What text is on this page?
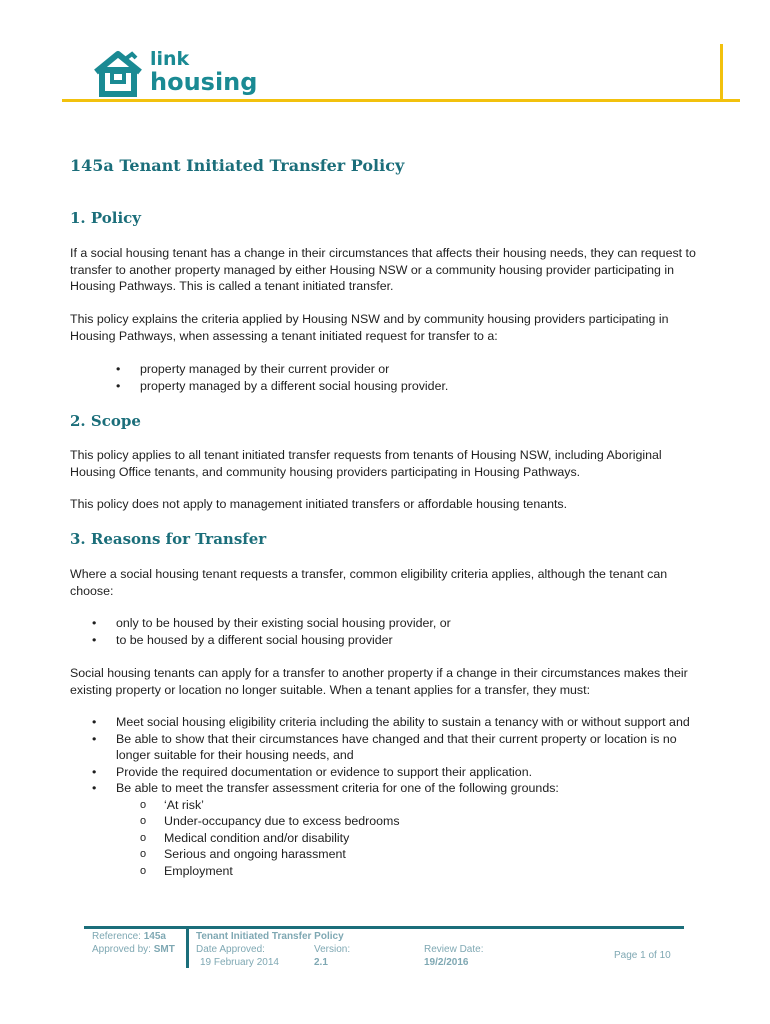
link
housing
145a Tenant Initiated Transfer Policy
1. Policy

If a social housing tenant has a change in their circumstances that affects their housing needs, they can request to transfer to another property managed by either Housing NSW or a community housing provider participating in Housing Pathways. This is called a tenant initiated transfer.

This policy explains the criteria applied by Housing NSW and by community housing providers participating in Housing Pathways, when assessing a tenant initiated request for transfer to a:

• property managed by their current provider or
• property managed by a different social housing provider.
2. Scope

This policy applies to all tenant initiated transfer requests from tenants of Housing NSW, including Aboriginal Housing Office tenants, and community housing providers participating in Housing Pathways.

This policy does not apply to management initiated transfers or affordable housing tenants.

3. Reasons for Transfer

Where a social housing tenant requests a transfer, common eligibility criteria applies, although the tenant can choose:

• only to be housed by their existing social housing provider, or
• to be housed by a different social housing provider

Social housing tenants can apply for a transfer to another property if a change in their circumstances makes their existing property or location no longer suitable. When a tenant applies for a transfer, they must:

• Meet social housing eligibility criteria including the ability to sustain a tenancy with or without support and
• Be able to show that their circumstances have changed and that their current property or location is no longer suitable for their housing needs, and
• Provide the required documentation or evidence to support their application.
• Be able to meet the transfer assessment criteria for one of the following grounds:
o ‘At risk’
o Under-occupancy due to excess bedrooms
o Medical condition and/or disability
o Serious and ongoing harassment
o Employment
Reference: 145a
Approved by: SMT
Tenant Initiated Transfer Policy
Date Approved:
19 February 2014
Version:
2.1
Review Date:
19/2/2016
Page 1 of 10
